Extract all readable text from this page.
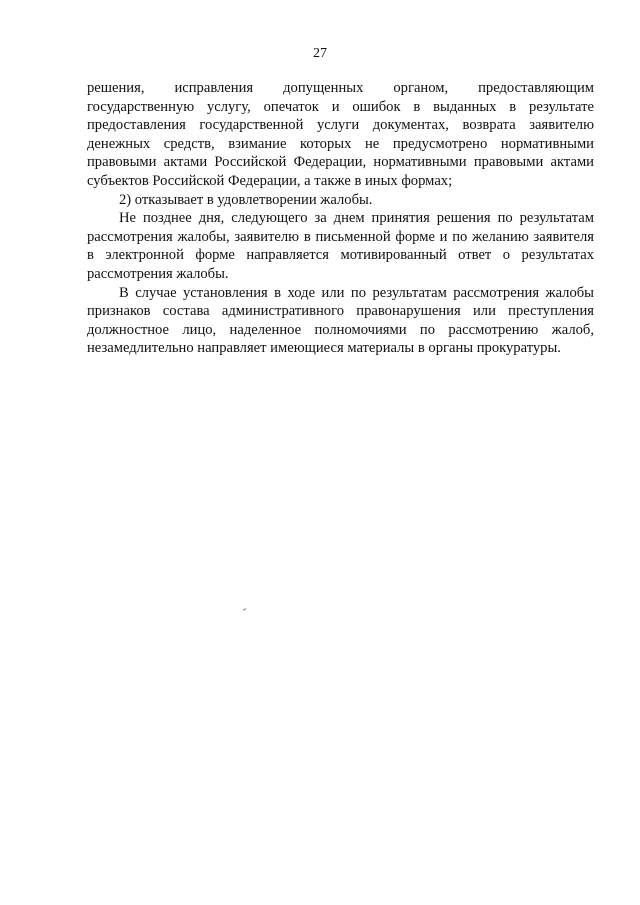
27

решения, исправления допущенных органом, предоставляющим государственную услугу, опечаток и ошибок в выданных в результате предоставления государственной услуги документах, возврата заявителю денежных средств, взимание которых не предусмотрено нормативными правовыми актами Российской Федерации, нормативными правовыми актами субъектов Российской Федерации, а также в иных формах;

2) отказывает в удовлетворении жалобы.

Не позднее дня, следующего за днем принятия решения по результатам рассмотрения жалобы, заявителю в письменной форме и по желанию заявителя в электронной форме направляется мотивированный ответ о результатах рассмотрения жалобы.

В случае установления в ходе или по результатам рассмотрения жалобы признаков состава административного правонарушения или преступления должностное лицо, наделенное полномочиями по рассмотрению жалоб, незамедлительно направляет имеющиеся материалы в органы прокуратуры.
